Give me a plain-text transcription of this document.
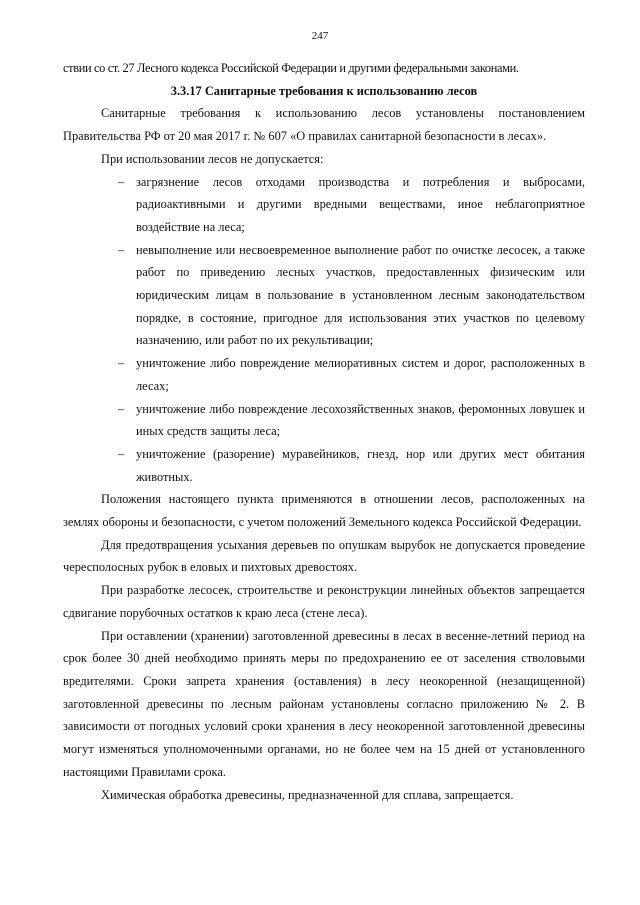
247

ствии со ст. 27 Лесного кодекса Российской Федерации и другими федеральными законами.

3.3.17 Санитарные требования к использованию лесов

Санитарные требования к использованию лесов установлены постановлением Правительства РФ от 20 мая 2017 г. № 607 «О правилах санитарной безопасности в лесах».

При использовании лесов не допускается:

– загрязнение лесов отходами производства и потребления и выбросами, радиоактивными и другими вредными веществами, иное неблагоприятное воздействие на леса;
– невыполнение или несвоевременное выполнение работ по очистке лесосек, а также работ по приведению лесных участков, предоставленных физическим или юридическим лицам в пользование в установленном лесным законодательством порядке, в состояние, пригодное для использования этих участков по целевому назначению, или работ по их рекультивации;
– уничтожение либо повреждение мелиоративных систем и дорог, расположенных в лесах;
– уничтожение либо повреждение лесохозяйственных знаков, феромонных ловушек и иных средств защиты леса;
– уничтожение (разорение) муравейников, гнезд, нор или других мест обитания животных.

Положения настоящего пункта применяются в отношении лесов, расположенных на землях обороны и безопасности, с учетом положений Земельного кодекса Российской Федерации.

Для предотвращения усыхания деревьев по опушкам вырубок не допускается проведение чересполосных рубок в еловых и пихтовых древостоях.

При разработке лесосек, строительстве и реконструкции линейных объектов запрещается сдвигание порубочных остатков к краю леса (стене леса).

При оставлении (хранении) заготовленной древесины в лесах в весенне-летний период на срок более 30 дней необходимо принять меры по предохранению ее от заселения стволовыми вредителями. Сроки запрета хранения (оставления) в лесу неокоренной (незащищенной) заготовленной древесины по лесным районам установлены согласно приложению № 2. В зависимости от погодных условий сроки хранения в лесу неокоренной заготовленной древесины могут изменяться уполномоченными органами, но не более чем на 15 дней от установленного настоящими Правилами срока.

Химическая обработка древесины, предназначенной для сплава, запрещается.
